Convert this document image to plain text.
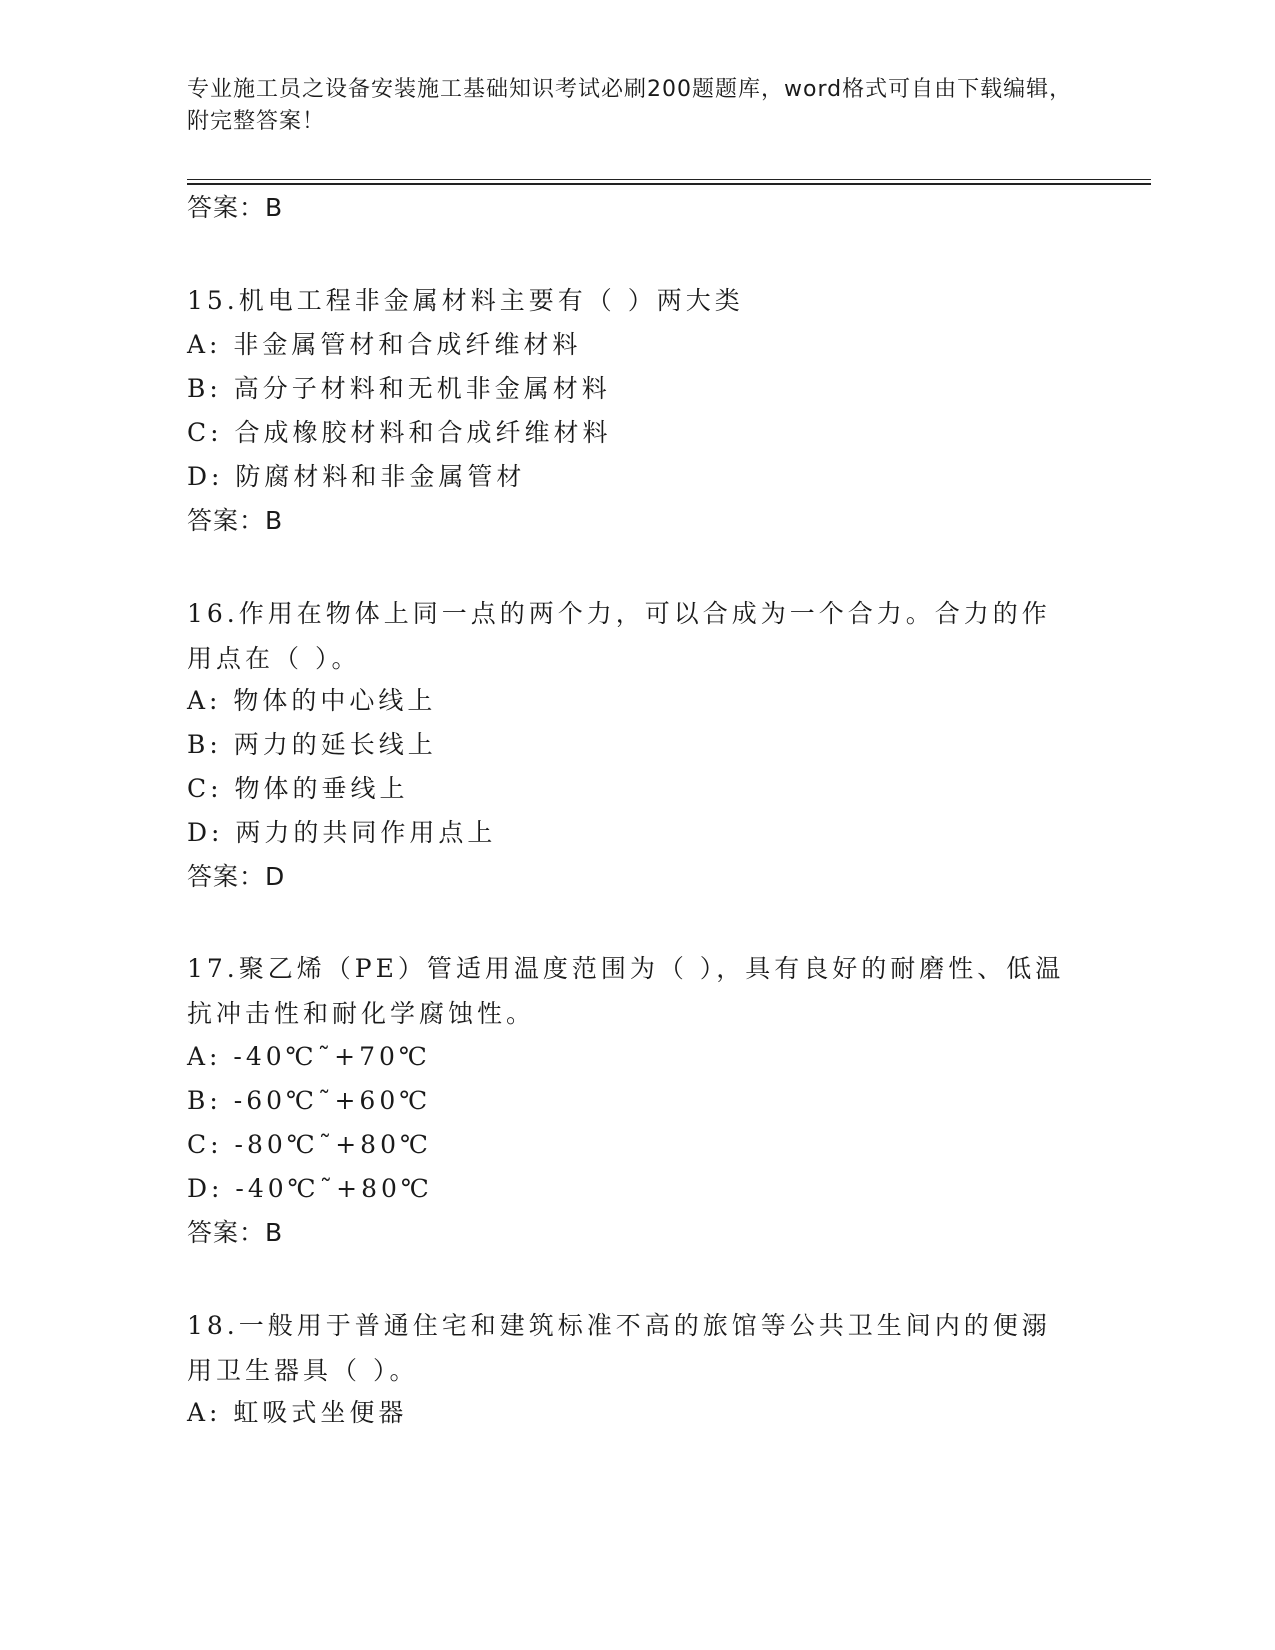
专业施工员之设备安装施工基础知识考试必刷200题题库，word格式可自由下载编辑，附完整答案！
答案：B
15.机电工程非金属材料主要有（ ）两大类
A: 非金属管材和合成纤维材料
B: 高分子材料和无机非金属材料
C: 合成橡胶材料和合成纤维材料
D: 防腐材料和非金属管材
答案：B
16.作用在物体上同一点的两个力，可以合成为一个合力。合力的作用点在（ ）。
A: 物体的中心线上
B: 两力的延长线上
C: 物体的垂线上
D: 两力的共同作用点上
答案：D
17.聚乙烯（PE）管适用温度范围为（ ），具有良好的耐磨性、低温抗冲击性和耐化学腐蚀性。
A: -40℃˜+70℃
B: -60℃˜+60℃
C: -80℃˜+80℃
D: -40℃˜+80℃
答案：B
18.一般用于普通住宅和建筑标准不高的旅馆等公共卫生间内的便溺用卫生器具（ ）。
A: 虹吸式坐便器
